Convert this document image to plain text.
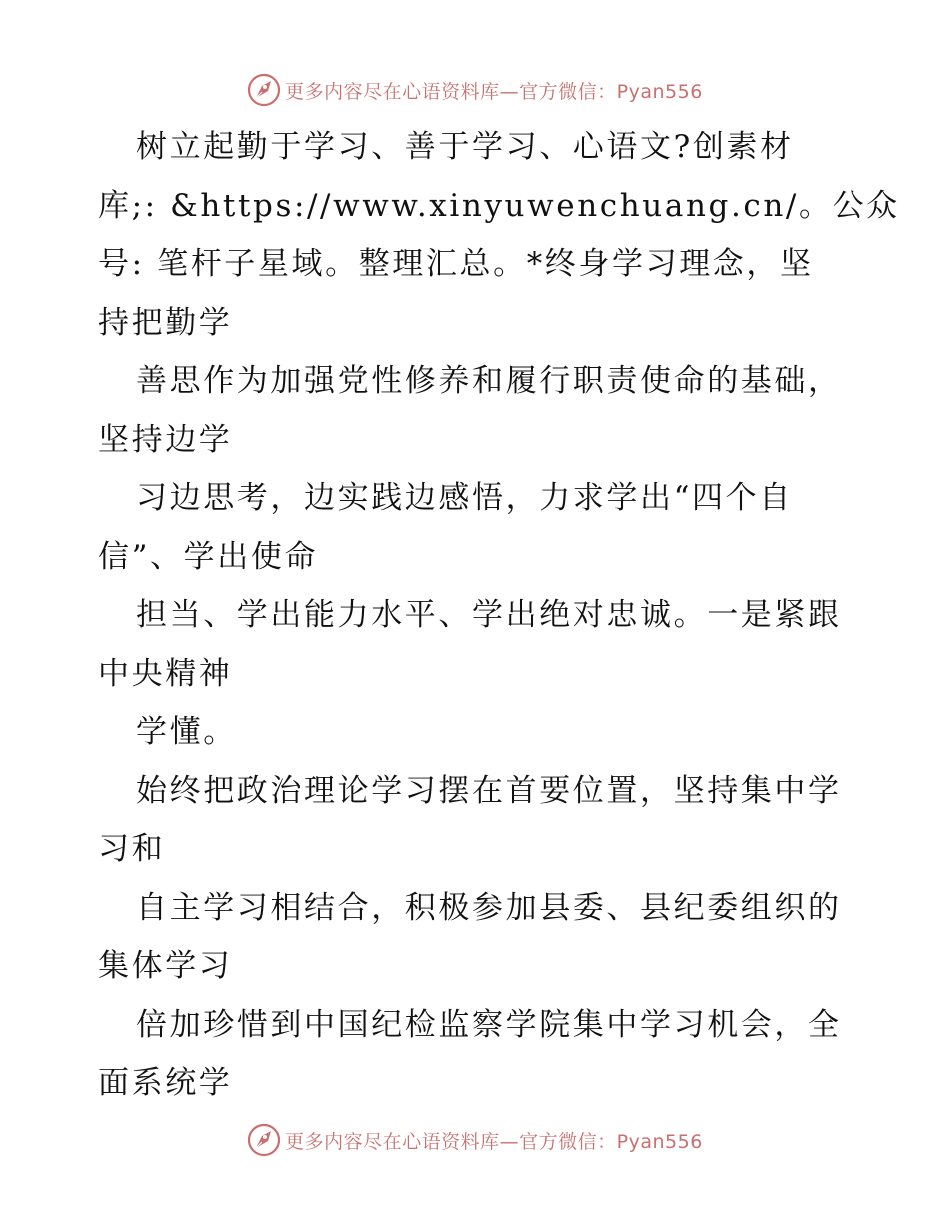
更多内容尽在心语资料库—官方微信：Pyan556

树立起勤于学习、善于学习、心语文?创素材

库;: &https://www.xinyuwenchuang.cn/。公众

号: 笔杆子星域。整理汇总。*终身学习理念，坚

持把勤学

善思作为加强党性修养和履行职责使命的基础，

坚持边学

习边思考，边实践边感悟，力求学出“四个自

信”、学出使命

担当、学出能力水平、学出绝对忠诚。一是紧跟

中央精神

学懂。

始终把政治理论学习摆在首要位置，坚持集中学

习和

自主学习相结合，积极参加县委、县纪委组织的

集体学习

倍加珍惜到中国纪检监察学院集中学习机会，全

面系统学

更多内容尽在心语资料库—官方微信：Pyan556
